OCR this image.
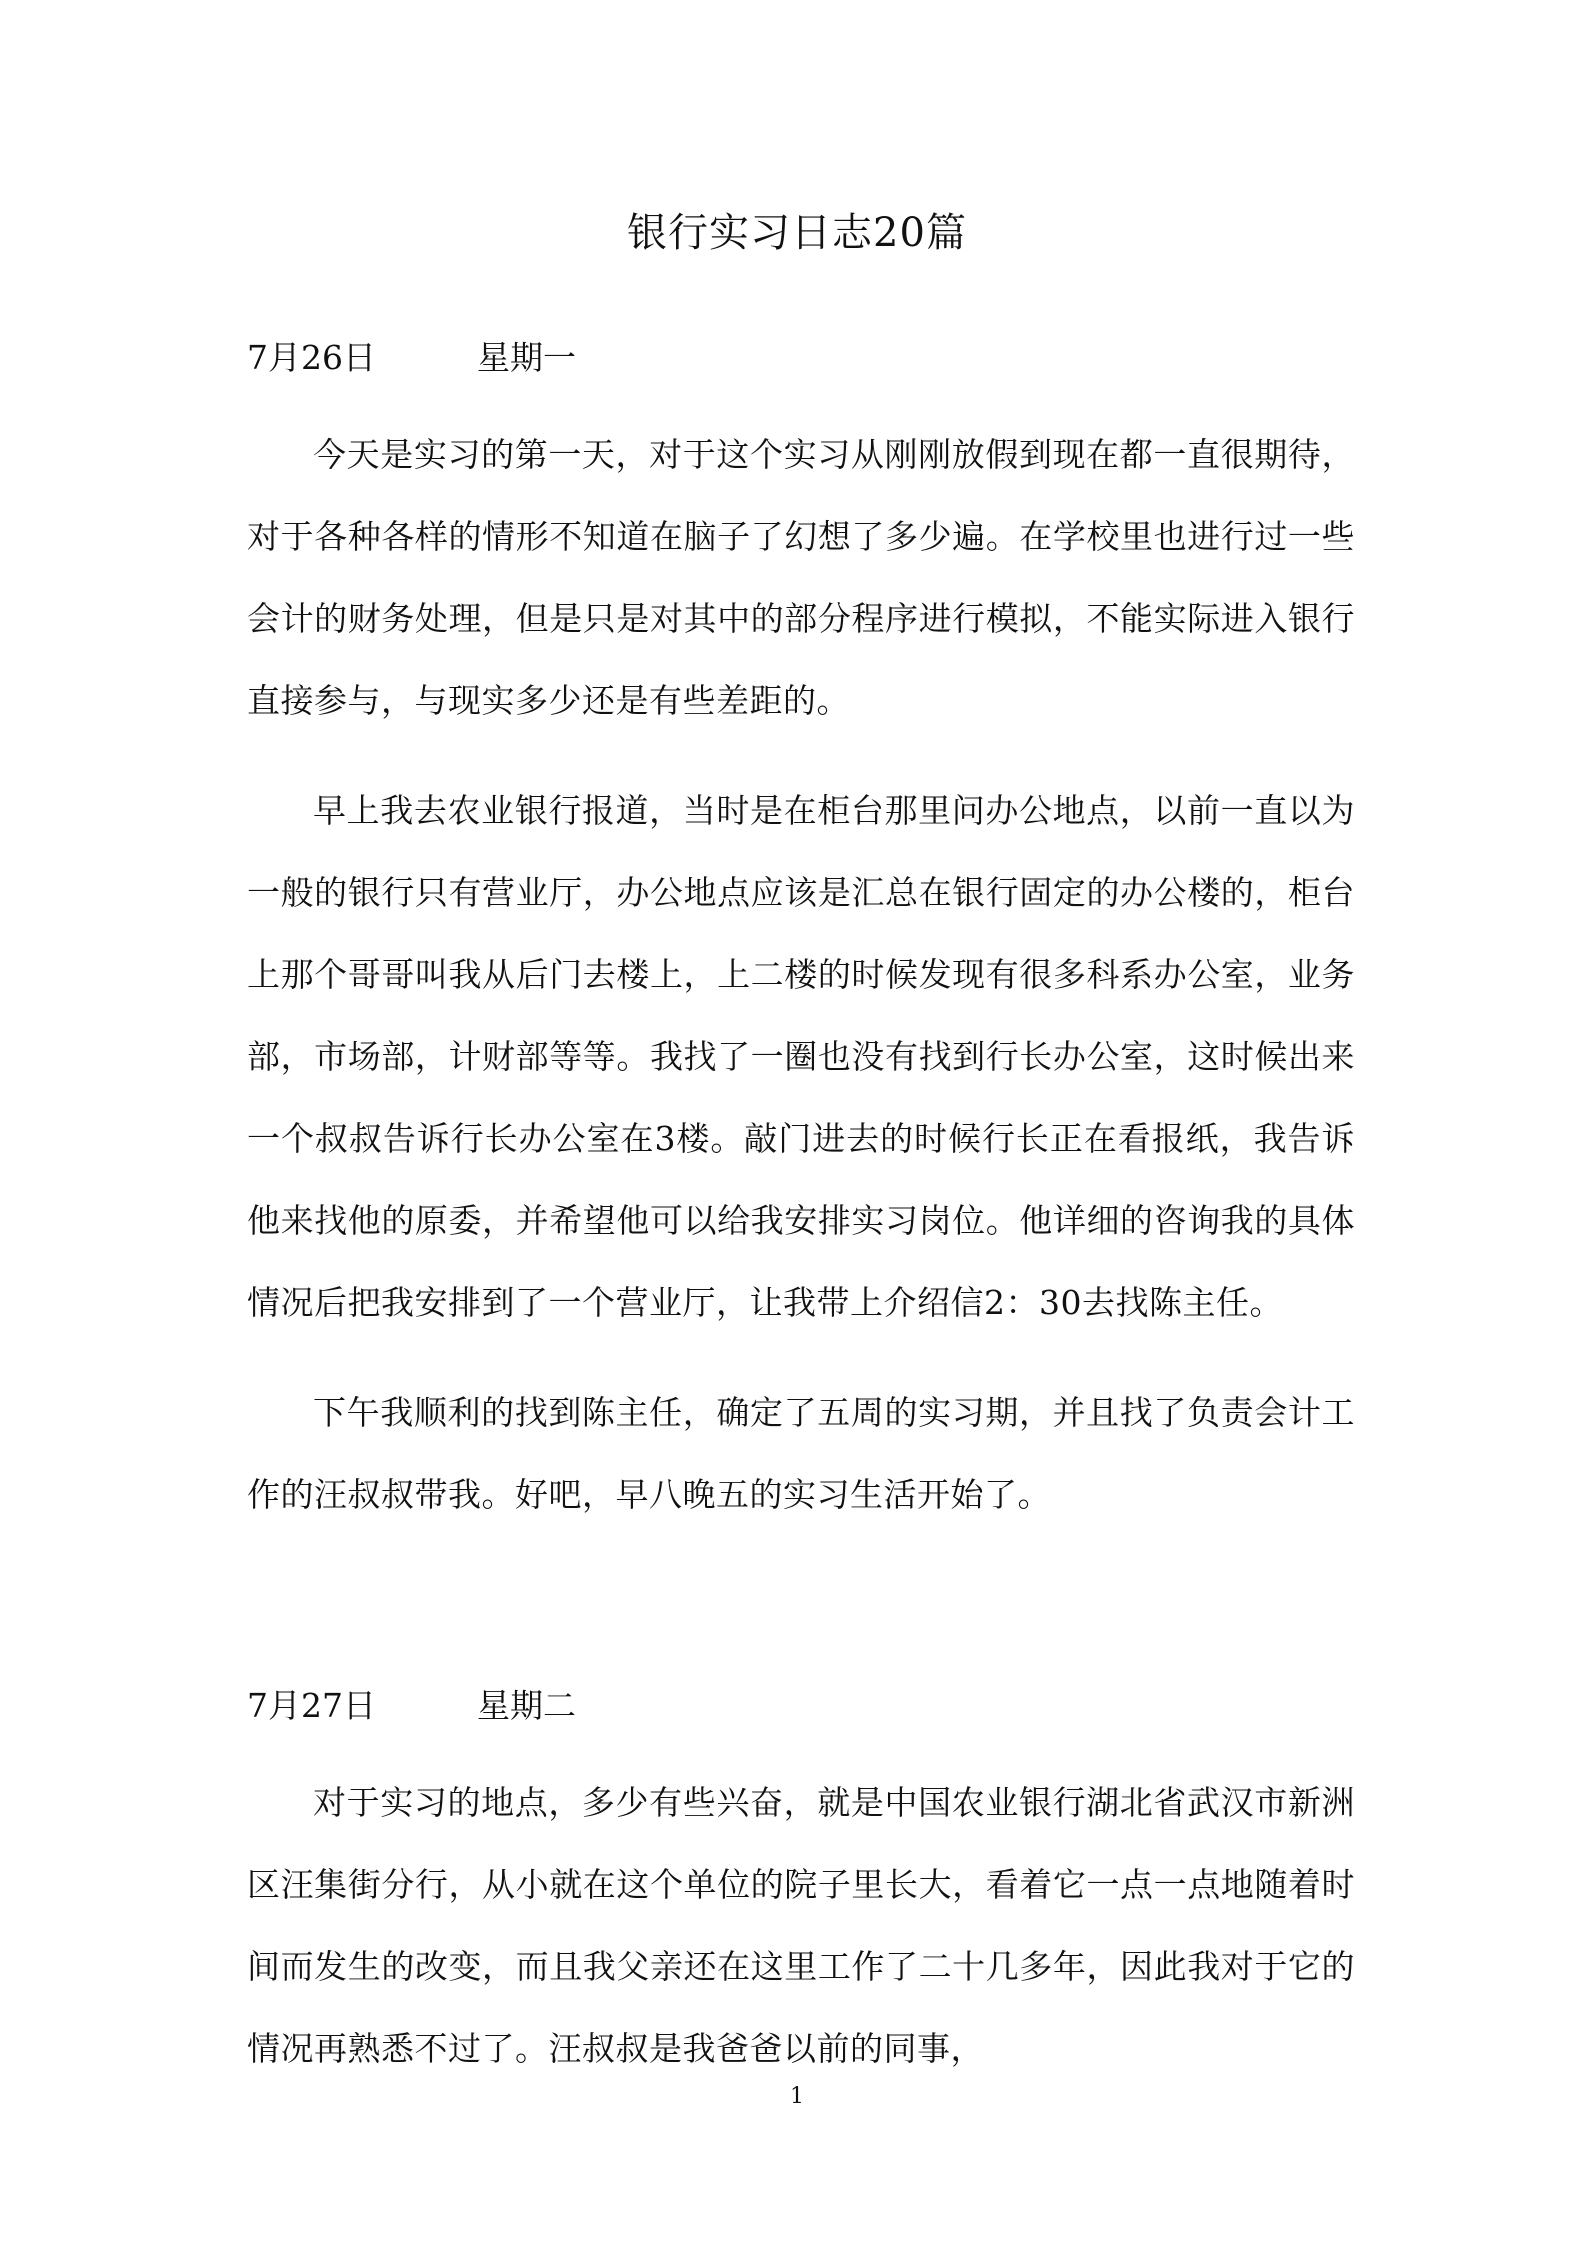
银行实习日志20篇

7月26日	星期一

今天是实习的第一天，对于这个实习从刚刚放假到现在都一直很期待，对于各种各样的情形不知道在脑子了幻想了多少遍。在学校里也进行过一些会计的财务处理，但是只是对其中的部分程序进行模拟，不能实际进入银行直接参与，与现实多少还是有些差距的。

早上我去农业银行报道，当时是在柜台那里问办公地点，以前一直以为一般的银行只有营业厅，办公地点应该是汇总在银行固定的办公楼的，柜台上那个哥哥叫我从后门去楼上，上二楼的时候发现有很多科系办公室，业务部，市场部，计财部等等。我找了一圈也没有找到行长办公室，这时候出来一个叔叔告诉行长办公室在3楼。敲门进去的时候行长正在看报纸，我告诉他来找他的原委，并希望他可以给我安排实习岗位。他详细的咨询我的具体情况后把我安排到了一个营业厅，让我带上介绍信2：30去找陈主任。

下午我顺利的找到陈主任，确定了五周的实习期，并且找了负责会计工作的汪叔叔带我。好吧，早八晚五的实习生活开始了。

7月27日	星期二

对于实习的地点，多少有些兴奋，就是中国农业银行湖北省武汉市新洲区汪集街分行，从小就在这个单位的院子里长大，看着它一点一点地随着时间而发生的改变，而且我父亲还在这里工作了二十几多年，因此我对于它的情况再熟悉不过了。汪叔叔是我爸爸以前的同事，

1
